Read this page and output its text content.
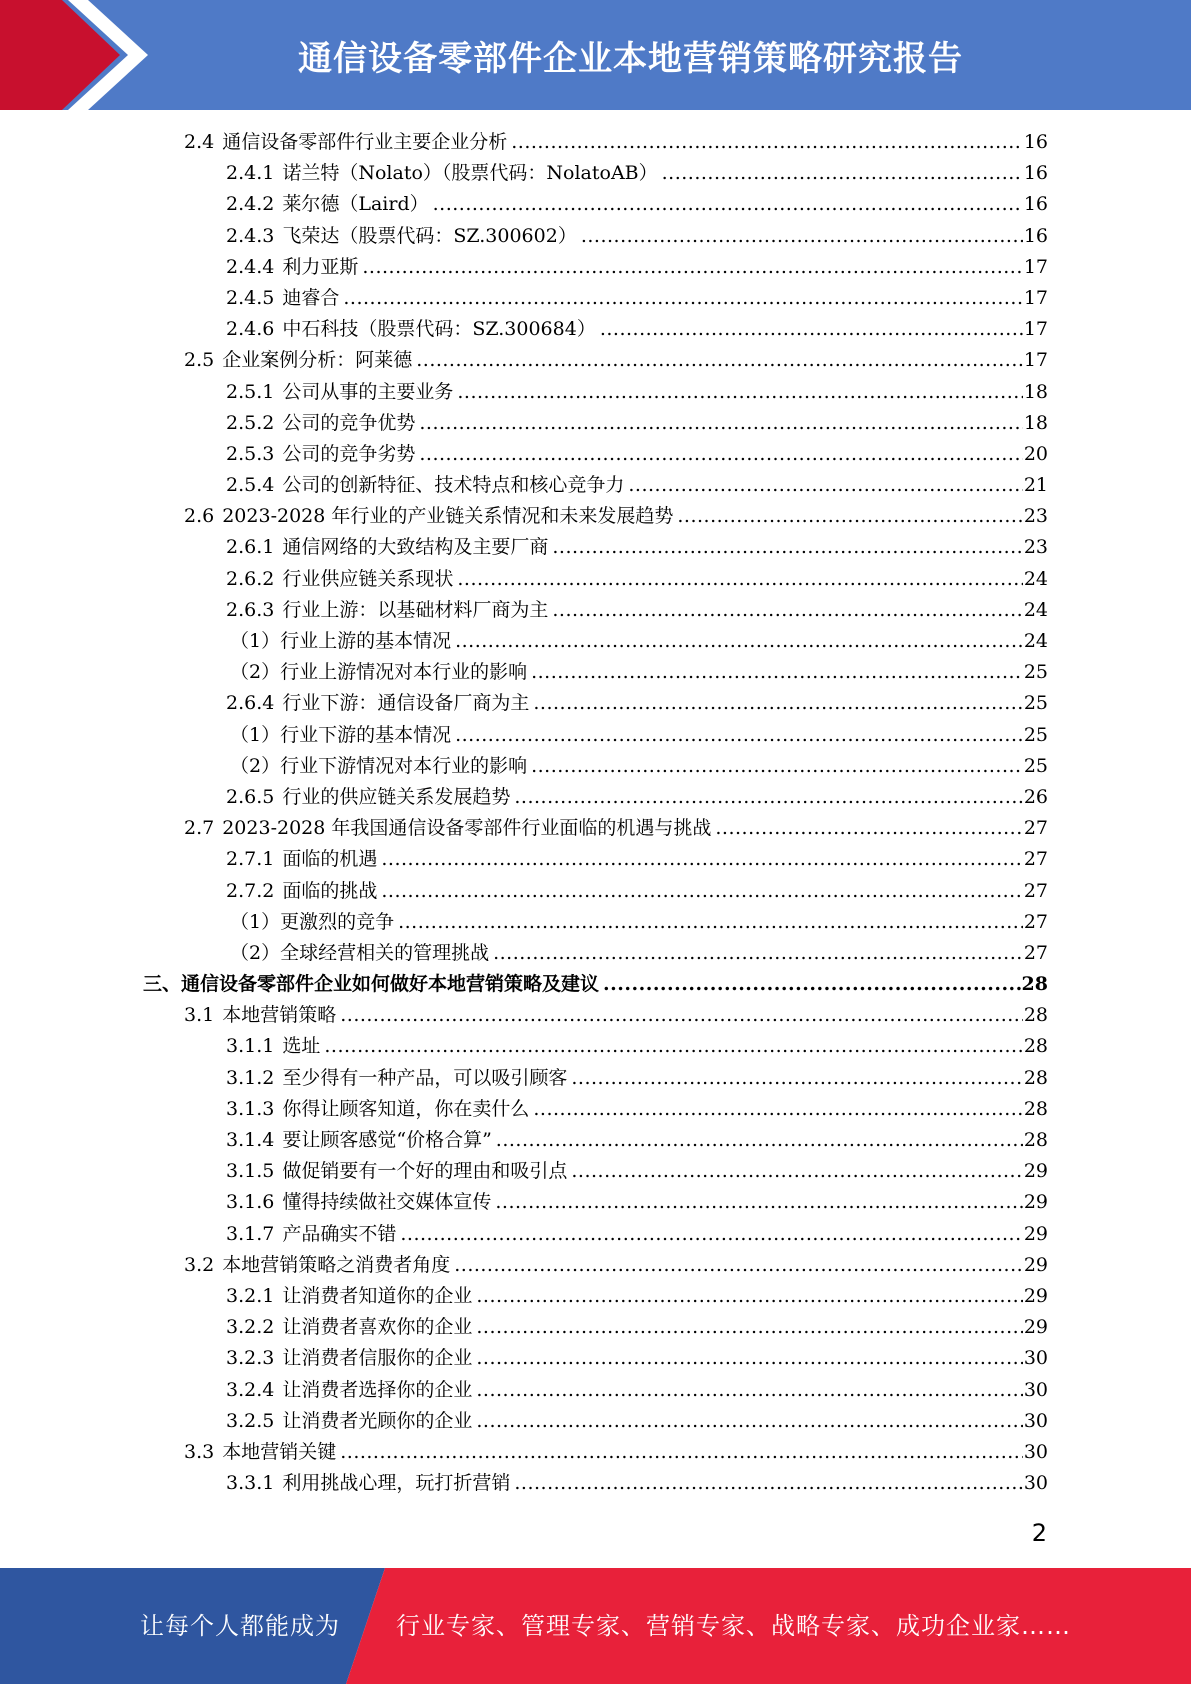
通信设备零部件企业本地营销策略研究报告
2.4 通信设备零部件行业主要企业分析 .....	16
2.4.1 诺兰特（Nolato）（股票代码：NolatoAB） .....	16
2.4.2 莱尔德（Laird） .....	16
2.4.3 飞荣达（股票代码：SZ.300602） .....	16
2.4.4 利力亚斯 .....	17
2.4.5 迪睿合 .....	17
2.4.6 中石科技（股票代码：SZ.300684） .....	17
2.5 企业案例分析：阿莱德 .....	17
2.5.1 公司从事的主要业务 .....	18
2.5.2 公司的竞争优势 .....	18
2.5.3 公司的竞争劣势 .....	20
2.5.4 公司的创新特征、技术特点和核心竞争力 .....	21
2.6 2023-2028 年行业的产业链关系情况和未来发展趋势 .....	23
2.6.1 通信网络的大致结构及主要厂商 .....	23
2.6.2 行业供应链关系现状 .....	24
2.6.3 行业上游：以基础材料厂商为主 .....	24
（1）行业上游的基本情况 .....	24
（2）行业上游情况对本行业的影响 .....	25
2.6.4 行业下游：通信设备厂商为主 .....	25
（1）行业下游的基本情况 .....	25
（2）行业下游情况对本行业的影响 .....	25
2.6.5 行业的供应链关系发展趋势 .....	26
2.7 2023-2028 年我国通信设备零部件行业面临的机遇与挑战 .....	27
2.7.1 面临的机遇 .....	27
2.7.2 面临的挑战 .....	27
（1）更激烈的竞争 .....	27
（2）全球经营相关的管理挑战 .....	27
三、通信设备零部件企业如何做好本地营销策略及建议 .....	28
3.1 本地营销策略 .....	28
3.1.1 选址 .....	28
3.1.2 至少得有一种产品，可以吸引顾客 .....	28
3.1.3 你得让顾客知道，你在卖什么 .....	28
3.1.4 要让顾客感觉“价格合算” .....	28
3.1.5 做促销要有一个好的理由和吸引点 .....	29
3.1.6 懂得持续做社交媒体宣传 .....	29
3.1.7 产品确实不错 .....	29
3.2 本地营销策略之消费者角度 .....	29
3.2.1 让消费者知道你的企业 .....	29
3.2.2 让消费者喜欢你的企业 .....	29
3.2.3 让消费者信服你的企业 .....	30
3.2.4 让消费者选择你的企业 .....	30
3.2.5 让消费者光顾你的企业 .....	30
3.3 本地营销关键 .....	30
3.3.1 利用挑战心理，玩打折营销 .....	30
2
让每个人都能成为 行业专家、管理专家、营销专家、战略专家、成功企业家……
